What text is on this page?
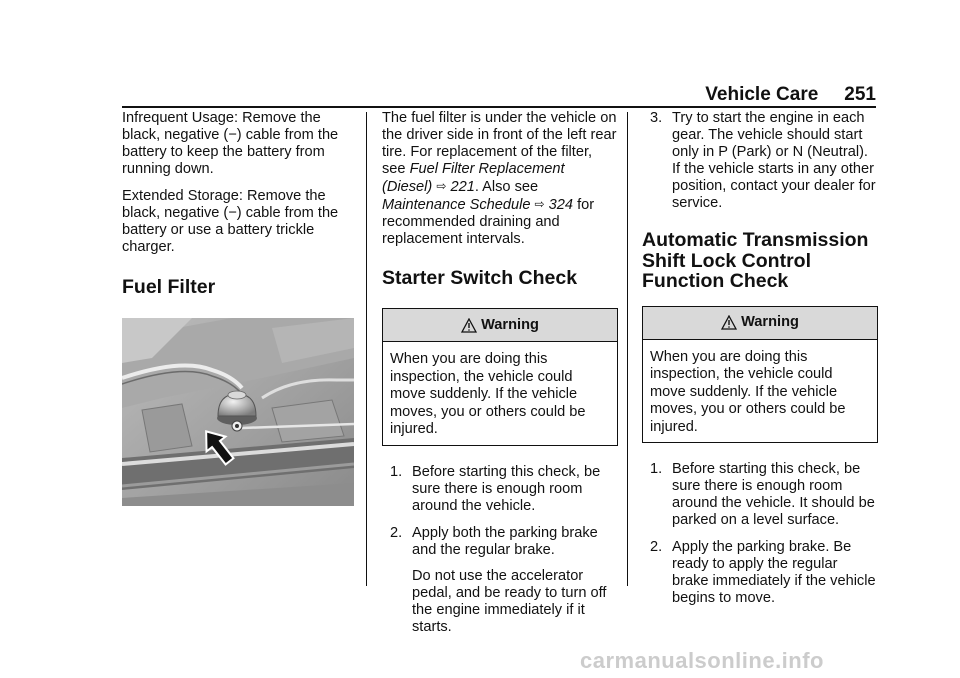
Vehicle Care 251

Infrequent Usage: Remove the black, negative (−) cable from the battery to keep the battery from running down.

Extended Storage: Remove the black, negative (−) cable from the battery or use a battery trickle charger.

Fuel Filter

The fuel filter is under the vehicle on the driver side in front of the left rear tire. For replacement of the filter, see Fuel Filter Replacement (Diesel) ⇨ 221. Also see Maintenance Schedule ⇨ 324 for recommended draining and replacement intervals.

Starter Switch Check
Warning
When you are doing this inspection, the vehicle could move suddenly. If the vehicle moves, you or others could be injured.
1. Before starting this check, be sure there is enough room around the vehicle.
2. Apply both the parking brake and the regular brake.

Do not use the accelerator pedal, and be ready to turn off the engine immediately if it starts.

3. Try to start the engine in each gear. The vehicle should start only in P (Park) or N (Neutral). If the vehicle starts in any other position, contact your dealer for service.
Automatic Transmission
Shift Lock Control
Function Check
Warning
When you are doing this inspection, the vehicle could move suddenly. If the vehicle moves, you or others could be injured.
1. Before starting this check, be sure there is enough room around the vehicle. It should be parked on a level surface.
2. Apply the parking brake. Be ready to apply the regular brake immediately if the vehicle begins to move.
carmanualsonline.info
